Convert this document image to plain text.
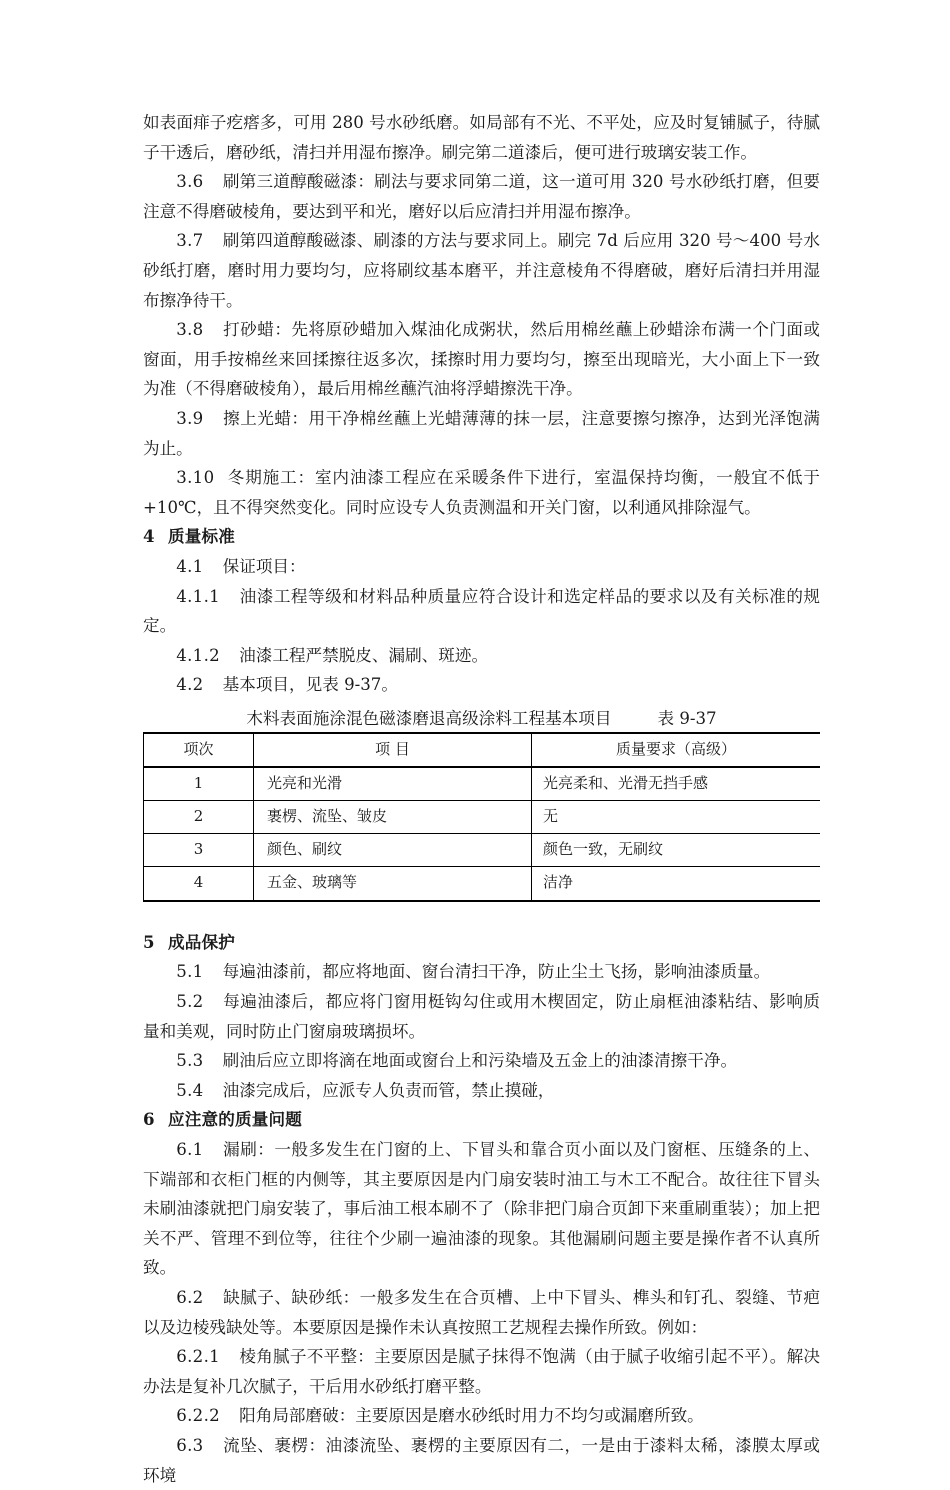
如表面痱子疙瘩多，可用 280 号水砂纸磨。如局部有不光、不平处，应及时复铺腻子，待腻子干透后，磨砂纸，清扫并用湿布擦净。刷完第二道漆后，便可进行玻璃安装工作。

3.6 刷第三道醇酸磁漆：刷法与要求同第二道，这一道可用 320 号水砂纸打磨，但要注意不得磨破棱角，要达到平和光，磨好以后应清扫并用湿布擦净。

3.7 刷第四道醇酸磁漆、刷漆的方法与要求同上。刷完 7d 后应用 320 号～400 号水砂纸打磨，磨时用力要均匀，应将刷纹基本磨平，并注意棱角不得磨破，磨好后清扫并用湿布擦净待干。

3.8 打砂蜡：先将原砂蜡加入煤油化成粥状，然后用棉丝蘸上砂蜡涂布满一个门面或窗面，用手按棉丝来回揉擦往返多次，揉擦时用力要均匀，擦至出现暗光，大小面上下一致为准（不得磨破棱角），最后用棉丝蘸汽油将浮蜡擦洗干净。

3.9 擦上光蜡：用干净棉丝蘸上光蜡薄薄的抹一层，注意要擦匀擦净，达到光泽饱满为止。

3.10 冬期施工：室内油漆工程应在采暖条件下进行，室温保持均衡，一般宜不低于+10℃，且不得突然变化。同时应设专人负责测温和开关门窗，以利通风排除湿气。

4 质量标准

4.1 保证项目：

4.1.1 油漆工程等级和材料品种质量应符合设计和选定样品的要求以及有关标准的规定。

4.1.2 油漆工程严禁脱皮、漏刷、斑迹。

4.2 基本项目，见表 9-37。

木料表面施涂混色磁漆磨退高级涂料工程基本项目	表 9-37
项次	项 目	质量要求（高级）
1	光亮和光滑	光亮柔和、光滑无挡手感
2	裹楞、流坠、皱皮	无
3	颜色、刷纹	颜色一致，无刷纹
4	五金、玻璃等	洁净

5 成品保护

5.1 每遍油漆前，都应将地面、窗台清扫干净，防止尘土飞扬，影响油漆质量。

5.2 每遍油漆后，都应将门窗用梃钩勾住或用木楔固定，防止扇框油漆粘结、影响质量和美观，同时防止门窗扇玻璃损坏。

5.3 刷油后应立即将滴在地面或窗台上和污染墙及五金上的油漆清擦干净。

5.4 油漆完成后，应派专人负责而管，禁止摸碰，

6 应注意的质量问题

6.1 漏刷：一般多发生在门窗的上、下冒头和靠合页小面以及门窗框、压缝条的上、下端部和衣柜门框的内侧等，其主要原因是内门扇安装时油工与木工不配合。故往往下冒头未刷油漆就把门扇安装了，事后油工根本刷不了（除非把门扇合页卸下来重刷重装）；加上把关不严、管理不到位等，往往个少刷一遍油漆的现象。其他漏刷问题主要是操作者不认真所致。

6.2 缺腻子、缺砂纸：一般多发生在合页槽、上中下冒头、榫头和钉孔、裂缝、节疤以及边棱残缺处等。本要原因是操作未认真按照工艺规程去操作所致。例如：

6.2.1 棱角腻子不平整：主要原因是腻子抹得不饱满（由于腻子收缩引起不平）。解决办法是复补几次腻子，干后用水砂纸打磨平整。

6.2.2 阳角局部磨破：主要原因是磨水砂纸时用力不均匀或漏磨所致。

6.3 流坠、裹楞：油漆流坠、裹楞的主要原因有二，一是由于漆料太稀，漆膜太厚或环境
